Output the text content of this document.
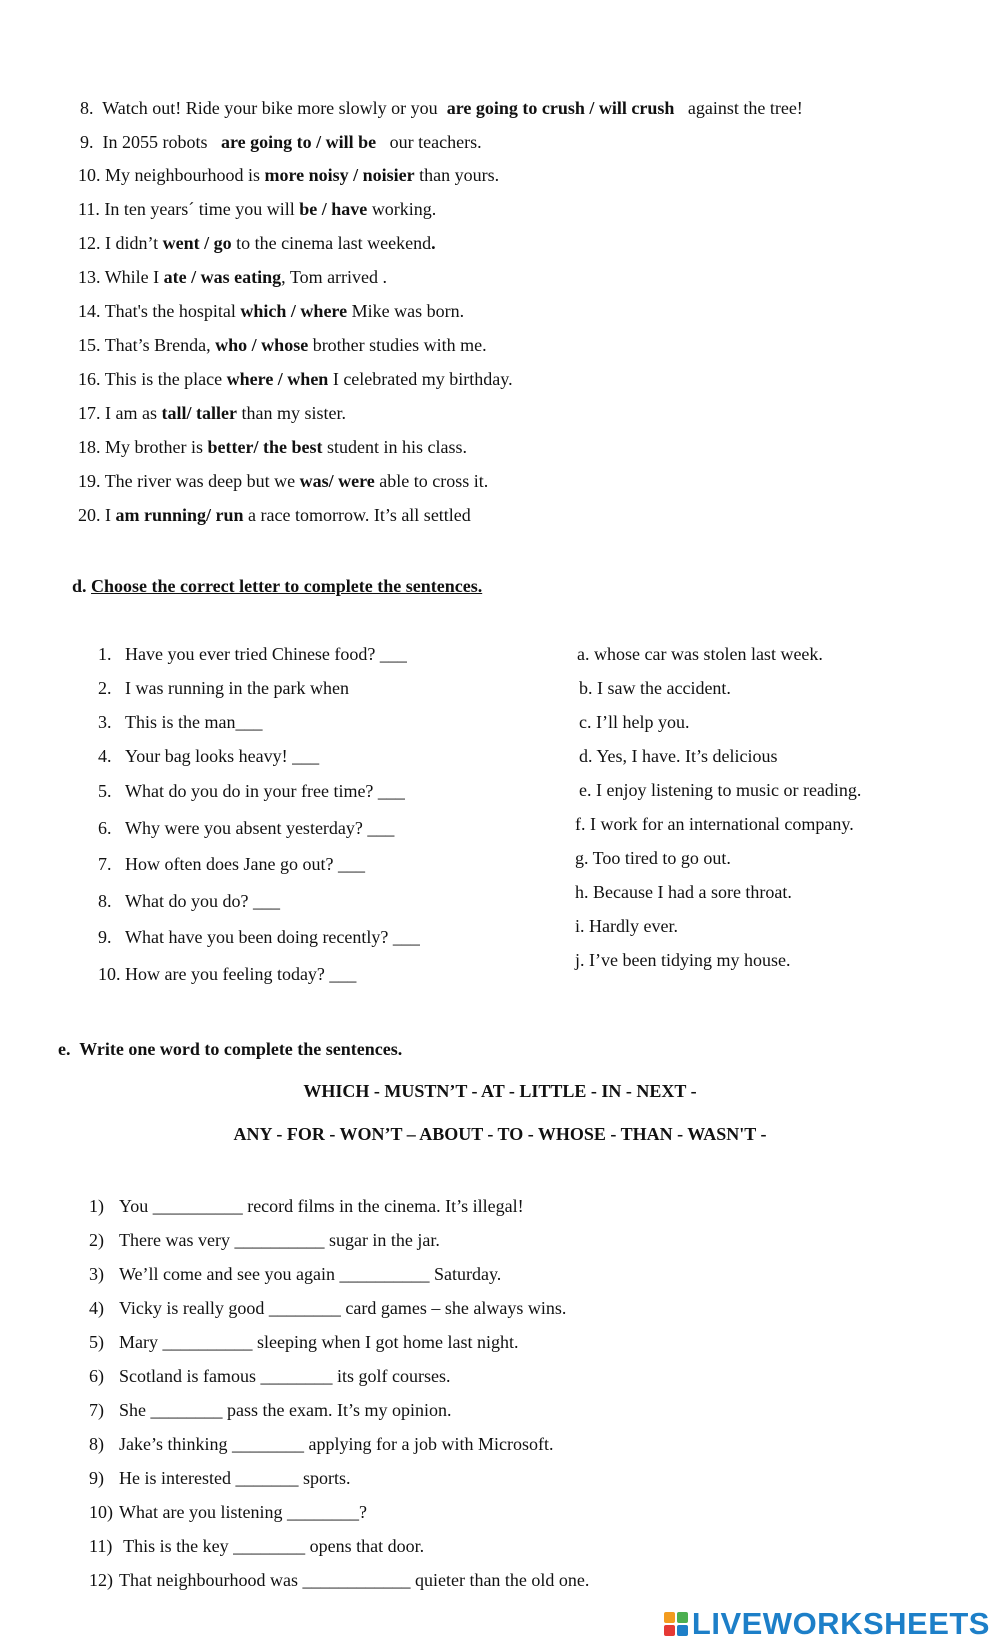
8. Watch out! Ride your bike more slowly or you  are going to crush / will crush   against the tree!
9. In 2055 robots   are going to / will be   our teachers.
10. My neighbourhood is more noisy / noisier than yours.
11. In ten years´ time you will be / have working.
12. I didn’t went / go to the cinema last weekend.
13. While I ate / was eating, Tom arrived .
14. That's the hospital which / where Mike was born.
15. That’s Brenda, who / whose brother studies with me.
16. This is the place where / when I celebrated my birthday.
17. I am as tall/ taller than my sister.
18. My brother is better/ the best student in his class.
19. The river was deep but we was/ were able to cross it.
20. I am running/ run a race tomorrow. It’s all settled
d. Choose the correct letter to complete the sentences.
1. Have you ever tried Chinese food? ___
2. I was running in the park when
3. This is the man___
4. Your bag looks heavy! ___
5. What do you do in your free time? ___
6. Why were you absent yesterday? ___
7. How often does Jane go out? ___
8. What do you do? ___
9. What have you been doing recently? ___
10. How are you feeling today? ___
a. whose car was stolen last week.
b. I saw the accident.
c. I’ll help you.
d. Yes, I have. It’s delicious
e. I enjoy listening to music or reading.
f. I work for an international company.
g. Too tired to go out.
h. Because I had a sore throat.
i. Hardly ever.
j. I’ve been tidying my house.
e. Write one word to complete the sentences.
WHICH - MUSTN’T - AT - LITTLE - IN - NEXT -
ANY - FOR - WON’T – ABOUT - TO - WHOSE - THAN - WASN'T -
1) You __________ record films in the cinema. It’s illegal!
2) There was very __________ sugar in the jar.
3) We’ll come and see you again __________ Saturday.
4) Vicky is really good ________ card games – she always wins.
5) Mary __________ sleeping when I got home last night.
6) Scotland is famous ________ its golf courses.
7) She ________ pass the exam. It’s my opinion.
8) Jake’s thinking ________ applying for a job with Microsoft.
9) He is interested _______ sports.
10) What are you listening ________?
11) This is the key ________ opens that door.
12) That neighbourhood was ____________ quieter than the old one.
LIVEWORKSHEETS
